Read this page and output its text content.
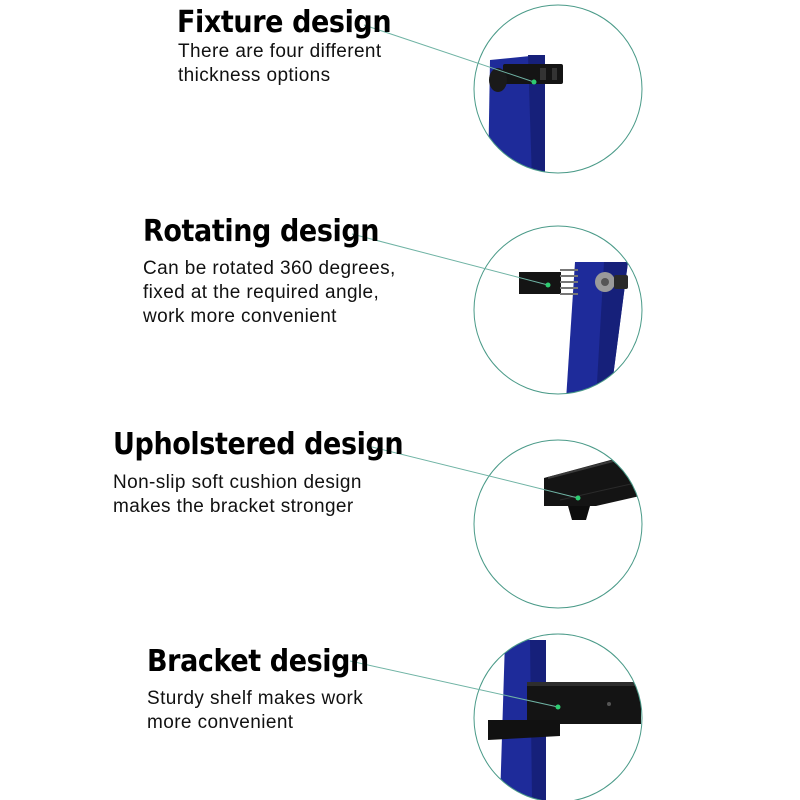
Fixture design

There are four different
thickness options

Rotating design

Can be rotated 360 degrees,
fixed at the required angle,
work more convenient

Upholstered design

Non-slip soft cushion design
makes the bracket stronger

Bracket design

Sturdy shelf makes work
more convenient
